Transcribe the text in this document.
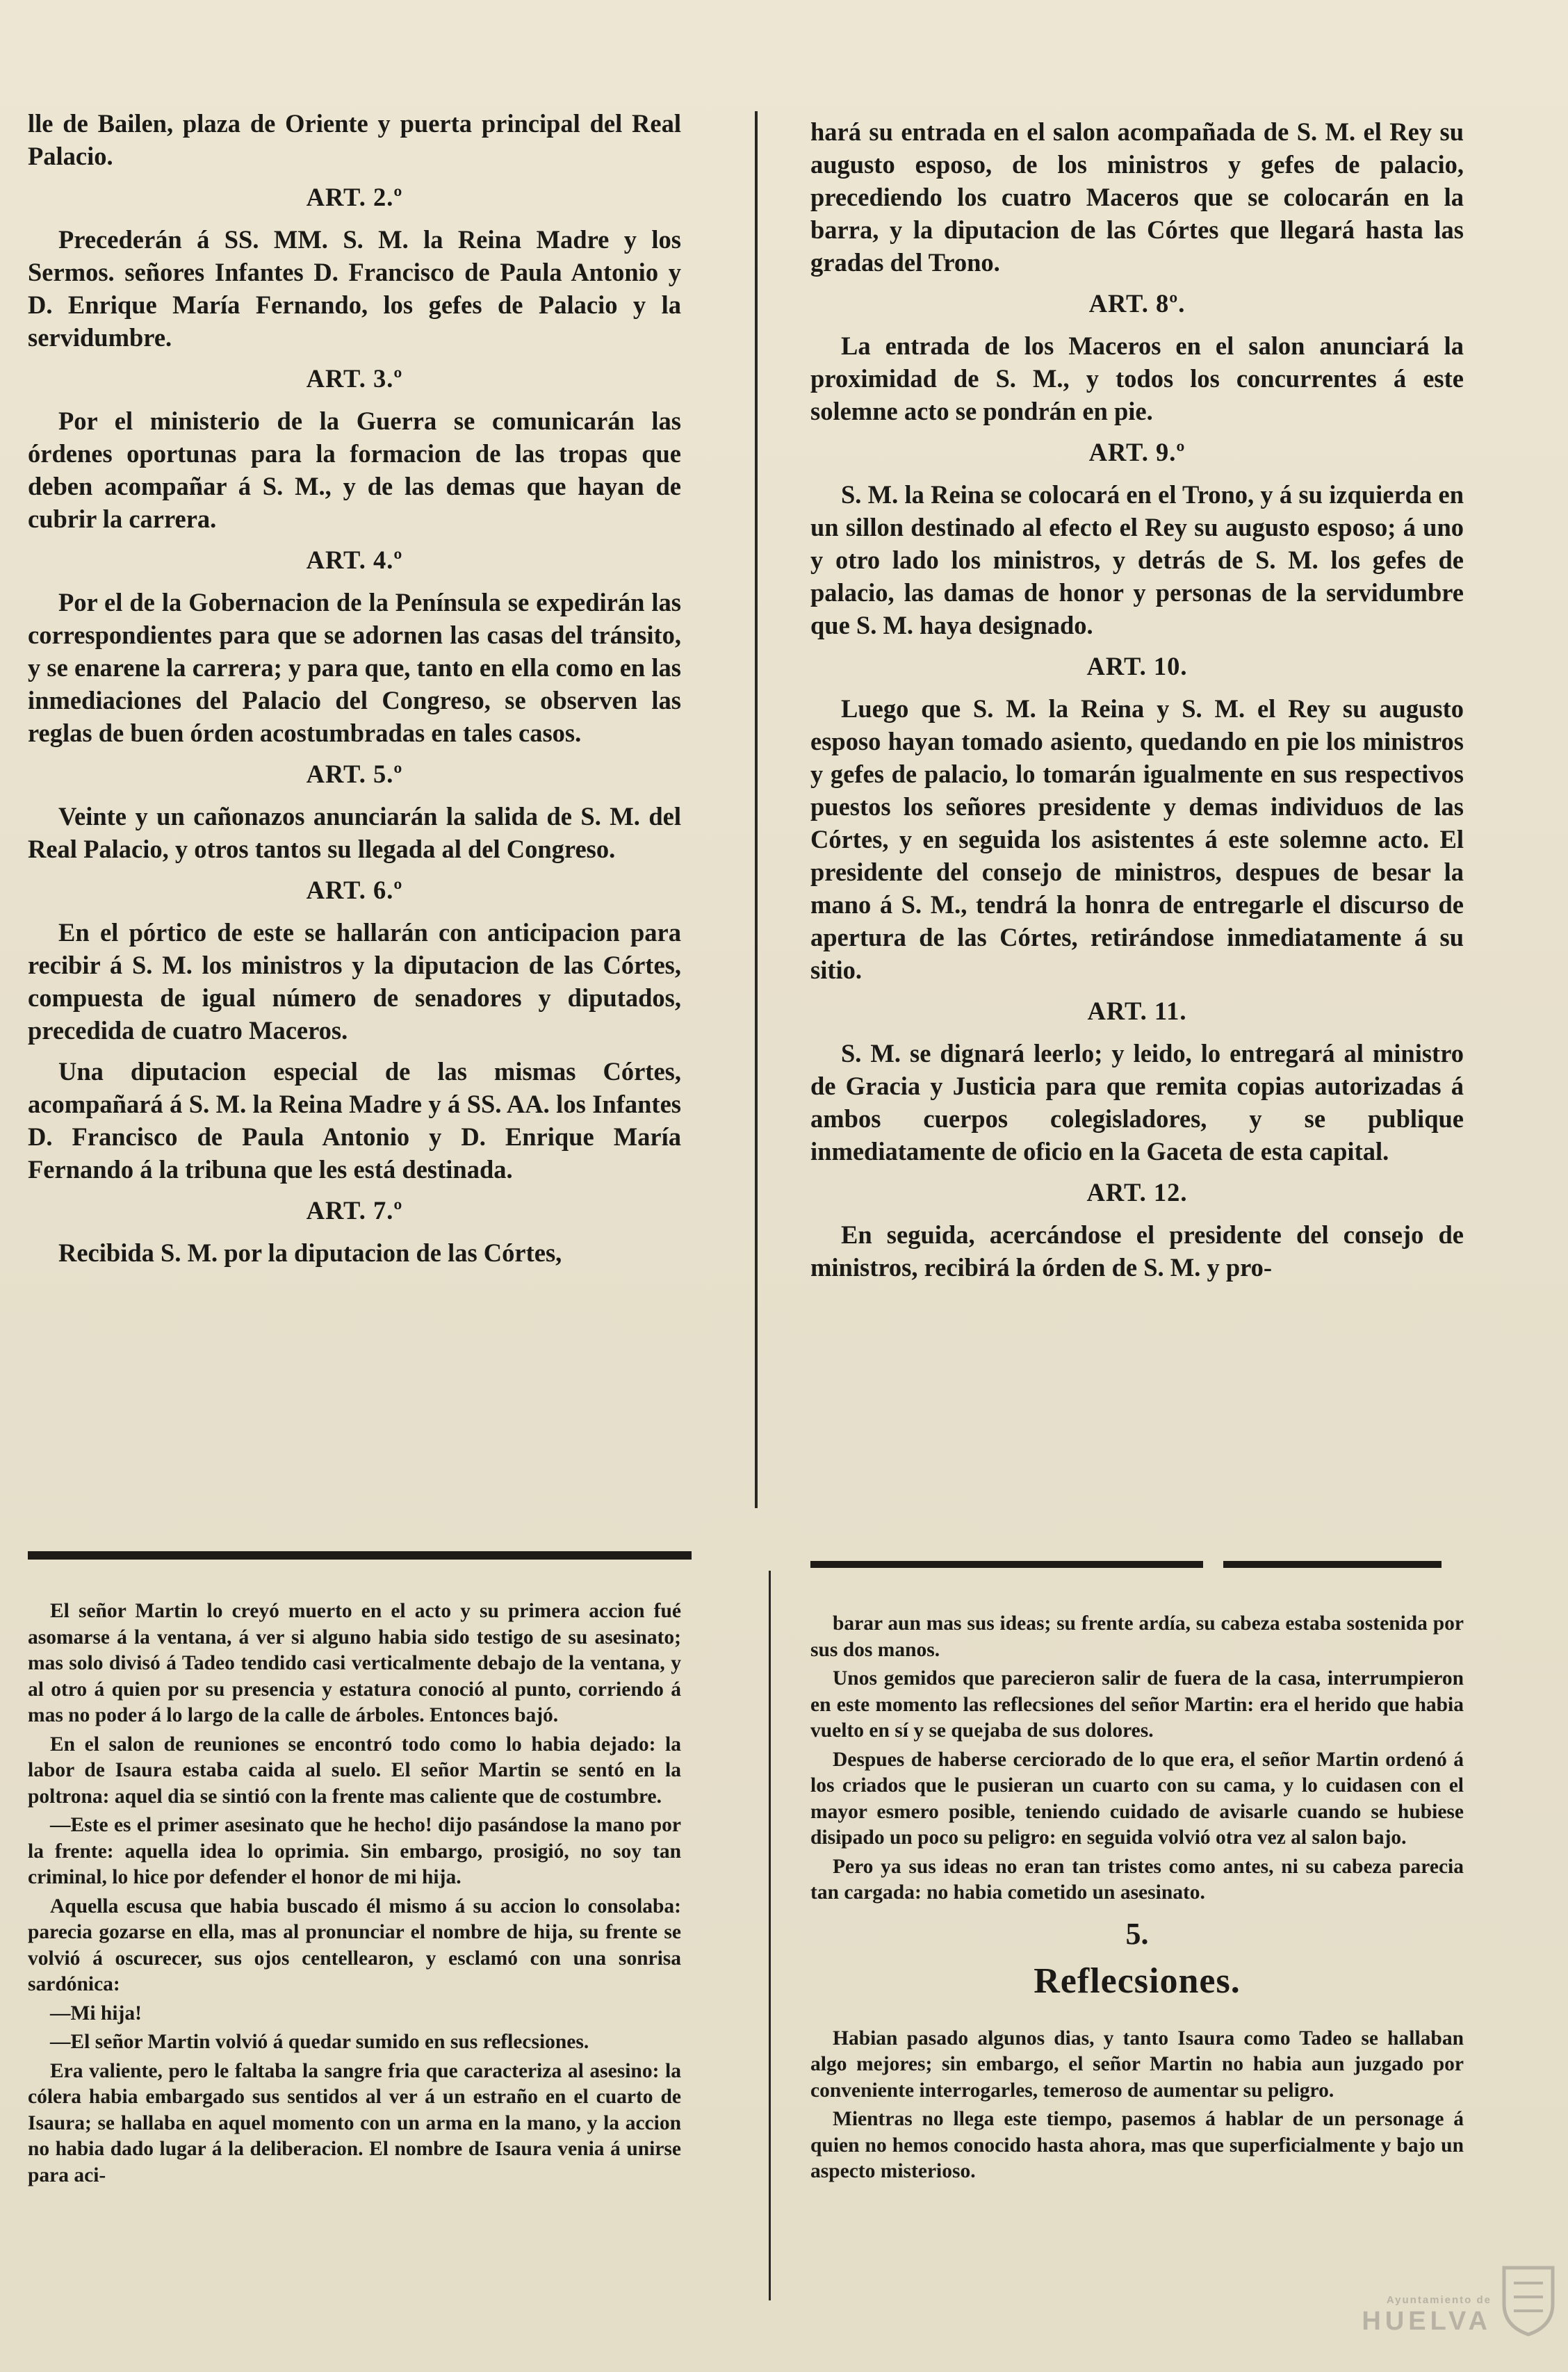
lle de Bailen, plaza de Oriente y puerta principal del Real Palacio.

ART. 2.º

Precederán á SS. MM. S. M. la Reina Madre y los Sermos. señores Infantes D. Francisco de Paula Antonio y D. Enrique María Fernando, los gefes de Palacio y la servidumbre.

ART. 3.º

Por el ministerio de la Guerra se comunicarán las órdenes oportunas para la formacion de las tropas que deben acompañar á S. M., y de las demas que hayan de cubrir la carrera.

ART. 4.º

Por el de la Gobernacion de la Península se expedirán las correspondientes para que se adornen las casas del tránsito, y se enarene la carrera; y para que, tanto en ella como en las inmediaciones del Palacio del Congreso, se observen las reglas de buen órden acostumbradas en tales casos.

ART. 5.º

Veinte y un cañonazos anunciarán la salida de S. M. del Real Palacio, y otros tantos su llegada al del Congreso.

ART. 6.º

En el pórtico de este se hallarán con anticipacion para recibir á S. M. los ministros y la diputacion de las Córtes, compuesta de igual número de senadores y diputados, precedida de cuatro Maceros.

Una diputacion especial de las mismas Córtes, acompañará á S. M. la Reina Madre y á SS. AA. los Infantes D. Francisco de Paula Antonio y D. Enrique María Fernando á la tribuna que les está destinada.

ART. 7.º

Recibida S. M. por la diputacion de las Córtes,

hará su entrada en el salon acompañada de S. M. el Rey su augusto esposo, de los ministros y gefes de palacio, precediendo los cuatro Maceros que se colocarán en la barra, y la diputacion de las Córtes que llegará hasta las gradas del Trono.

ART. 8º.

La entrada de los Maceros en el salon anunciará la proximidad de S. M., y todos los concurrentes á este solemne acto se pondrán en pie.

ART. 9.º

S. M. la Reina se colocará en el Trono, y á su izquierda en un sillon destinado al efecto el Rey su augusto esposo; á uno y otro lado los ministros, y detrás de S. M. los gefes de palacio, las damas de honor y personas de la servidumbre que S. M. haya designado.

ART. 10.

Luego que S. M. la Reina y S. M. el Rey su augusto esposo hayan tomado asiento, quedando en pie los ministros y gefes de palacio, lo tomarán igualmente en sus respectivos puestos los señores presidente y demas individuos de las Córtes, y en seguida los asistentes á este solemne acto. El presidente del consejo de ministros, despues de besar la mano á S. M., tendrá la honra de entregarle el discurso de apertura de las Córtes, retirándose inmediatamente á su sitio.

ART. 11.

S. M. se dignará leerlo; y leido, lo entregará al ministro de Gracia y Justicia para que remita copias autorizadas á ambos cuerpos colegisladores, y se publique inmediatamente de oficio en la Gaceta de esta capital.

ART. 12.

En seguida, acercándose el presidente del consejo de ministros, recibirá la órden de S. M. y pro-

El señor Martin lo creyó muerto en el acto y su primera accion fué asomarse á la ventana, á ver si alguno habia sido testigo de su asesinato; mas solo divisó á Tadeo tendido casi verticalmente debajo de la ventana, y al otro á quien por su presencia y estatura conoció al punto, corriendo á mas no poder á lo largo de la calle de árboles. Entonces bajó.

En el salon de reuniones se encontró todo como lo habia dejado: la labor de Isaura estaba caida al suelo. El señor Martin se sentó en la poltrona: aquel dia se sintió con la frente mas caliente que de costumbre.

—Este es el primer asesinato que he hecho! dijo pasándose la mano por la frente: aquella idea lo oprimia. Sin embargo, prosigió, no soy tan criminal, lo hice por defender el honor de mi hija.

Aquella escusa que habia buscado él mismo á su accion lo consolaba: parecia gozarse en ella, mas al pronunciar el nombre de hija, su frente se volvió á oscurecer, sus ojos centellearon, y esclamó con una sonrisa sardónica:

—Mi hija!

—El señor Martin volvió á quedar sumido en sus reflecsiones.

Era valiente, pero le faltaba la sangre fria que caracteriza al asesino: la cólera habia embargado sus sentidos al ver á un estraño en el cuarto de Isaura; se hallaba en aquel momento con un arma en la mano, y la accion no habia dado lugar á la deliberacion. El nombre de Isaura venia á unirse para aci-

barar aun mas sus ideas; su frente ardía, su cabeza estaba sostenida por sus dos manos.

Unos gemidos que parecieron salir de fuera de la casa, interrumpieron en este momento las reflecsiones del señor Martin: era el herido que habia vuelto en sí y se quejaba de sus dolores.

Despues de haberse cerciorado de lo que era, el señor Martin ordenó á los criados que le pusieran un cuarto con su cama, y lo cuidasen con el mayor esmero posible, teniendo cuidado de avisarle cuando se hubiese disipado un poco su peligro: en seguida volvió otra vez al salon bajo.

Pero ya sus ideas no eran tan tristes como antes, ni su cabeza parecia tan cargada: no habia cometido un asesinato.

5.
Reflecsiones.

Habian pasado algunos dias, y tanto Isaura como Tadeo se hallaban algo mejores; sin embargo, el señor Martin no habia aun juzgado por conveniente interrogarles, temeroso de aumentar su peligro.

Mientras no llega este tiempo, pasemos á hablar de un personage á quien no hemos conocido hasta ahora, mas que superficialmente y bajo un aspecto misterioso.

Ayuntamiento de
HUELVA
